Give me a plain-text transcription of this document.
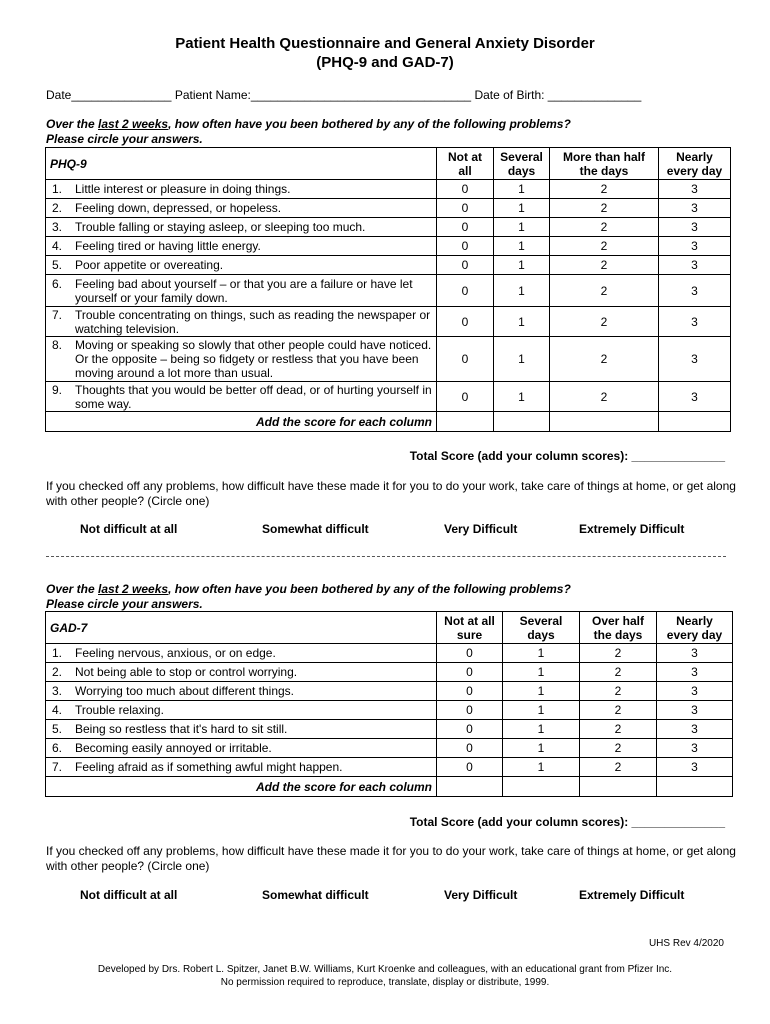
Patient Health Questionnaire and General Anxiety Disorder
(PHQ-9 and GAD-7)
Date_______________ Patient Name:_________________________________ Date of Birth: ______________
Over the last 2 weeks, how often have you been bothered by any of the following problems?
Please circle your answers.
PHQ-9	Not at all	Several days	More than half the days	Nearly every day

1. Little interest or pleasure in doing things.	0	1	2	3

2. Feeling down, depressed, or hopeless.	0	1	2	3

3. Trouble falling or staying asleep, or sleeping too much.	0	1	2	3

4. Feeling tired or having little energy.	0	1	2	3

5. Poor appetite or overeating.	0	1	2	3

6. Feeling bad about yourself – or that you are a failure or have let yourself or your family down.	0	1	2	3

7. Trouble concentrating on things, such as reading the newspaper or watching television.	0	1	2	3

8. Moving or speaking so slowly that other people could have noticed. Or the opposite – being so fidgety or restless that you have been moving around a lot more than usual.	0	1	2	3

9. Thoughts that you would be better off dead, or of hurting yourself in some way.	0	1	2	3
Add the score for each column				
Total Score (add your column scores): ______________
If you checked off any problems, how difficult have these made it for you to do your work, take care of things at home, or get along with other people? (Circle one)
Not difficult at all	Somewhat difficult	Very Difficult	Extremely Difficult
Over the last 2 weeks, how often have you been bothered by any of the following problems?
Please circle your answers.
GAD-7	Not at all sure	Several days	Over half the days	Nearly every day

1. Feeling nervous, anxious, or on edge.	0	1	2	3

2. Not being able to stop or control worrying.	0	1	2	3

3. Worrying too much about different things.	0	1	2	3

4. Trouble relaxing.	0	1	2	3

5. Being so restless that it's hard to sit still.	0	1	2	3

6. Becoming easily annoyed or irritable.	0	1	2	3

7. Feeling afraid as if something awful might happen.	0	1	2	3
Add the score for each column				
Total Score (add your column scores): ______________
If you checked off any problems, how difficult have these made it for you to do your work, take care of things at home, or get along with other people? (Circle one)
Not difficult at all	Somewhat difficult	Very Difficult	Extremely Difficult
UHS Rev 4/2020
Developed by Drs. Robert L. Spitzer, Janet B.W. Williams, Kurt Kroenke and colleagues, with an educational grant from Pfizer Inc.
No permission required to reproduce, translate, display or distribute, 1999.
